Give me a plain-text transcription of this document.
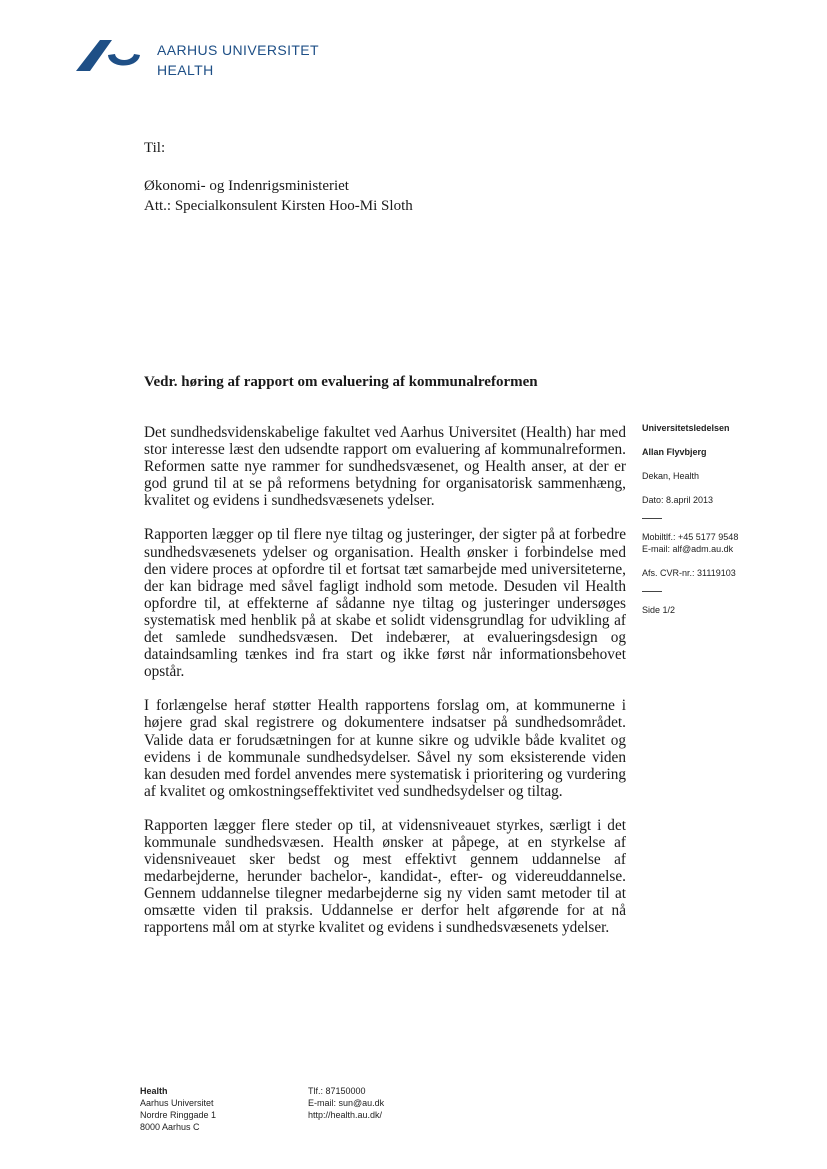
AARHUS UNIVERSITET
HEALTH
Til:
Økonomi- og Indenrigsministeriet
Att.: Specialkonsulent Kirsten Hoo-Mi Sloth
Vedr. høring af rapport om evaluering af kommunalreformen

Det sundhedsvidenskabelige fakultet ved Aarhus Universitet (Health) har med stor interesse læst den udsendte rapport om evaluering af kommunalreformen. Reformen satte nye rammer for sundhedsvæsenet, og Health anser, at der er god grund til at se på reformens betydning for organisatorisk sammenhæng, kvalitet og evidens i sundhedsvæsenets ydelser.

Rapporten lægger op til flere nye tiltag og justeringer, der sigter på at forbedre sundhedsvæsenets ydelser og organisation. Health ønsker i forbindelse med den videre proces at opfordre til et fortsat tæt samarbejde med universiteterne, der kan bidrage med såvel fagligt indhold som metode. Desuden vil Health opfordre til, at effekterne af sådanne nye tiltag og justeringer undersøges systematisk med henblik på at skabe et solidt vidensgrundlag for udvikling af det samlede sundhedsvæsen. Det indebærer, at evalueringsdesign og dataindsamling tænkes ind fra start og ikke først når informationsbehovet opstår.

I forlængelse heraf støtter Health rapportens forslag om, at kommunerne i højere grad skal registrere og dokumentere indsatser på sundhedsområdet. Valide data er forudsætningen for at kunne sikre og udvikle både kvalitet og evidens i de kommunale sundhedsydelser. Såvel ny som eksisterende viden kan desuden med fordel anvendes mere systematisk i prioritering og vurdering af kvalitet og omkostningseffektivitet ved sundhedsydelser og tiltag.

Rapporten lægger flere steder op til, at vidensniveauet styrkes, særligt i det kommunale sundhedsvæsen. Health ønsker at påpege, at en styrkelse af vidensniveauet sker bedst og mest effektivt gennem uddannelse af medarbejderne, herunder bachelor-, kandidat-, efter- og videreuddannelse. Gennem uddannelse tilegner medarbejderne sig ny viden samt metoder til at omsætte viden til praksis. Uddannelse er derfor helt afgørende for at nå rapportens mål om at styrke kvalitet og evidens i sundhedsvæsenets ydelser.

Universitetsledelsen
Allan Flyvbjerg
Dekan, Health
Dato: 8.april 2013
Mobiltlf.: +45 5177 9548
E-mail: alf@adm.au.dk
Afs. CVR-nr.: 31119103
Side 1/2
Health
Aarhus Universitet
Nordre Ringgade 1
8000 Aarhus C
Tlf.: 87150000
E-mail: sun@au.dk
http://health.au.dk/
